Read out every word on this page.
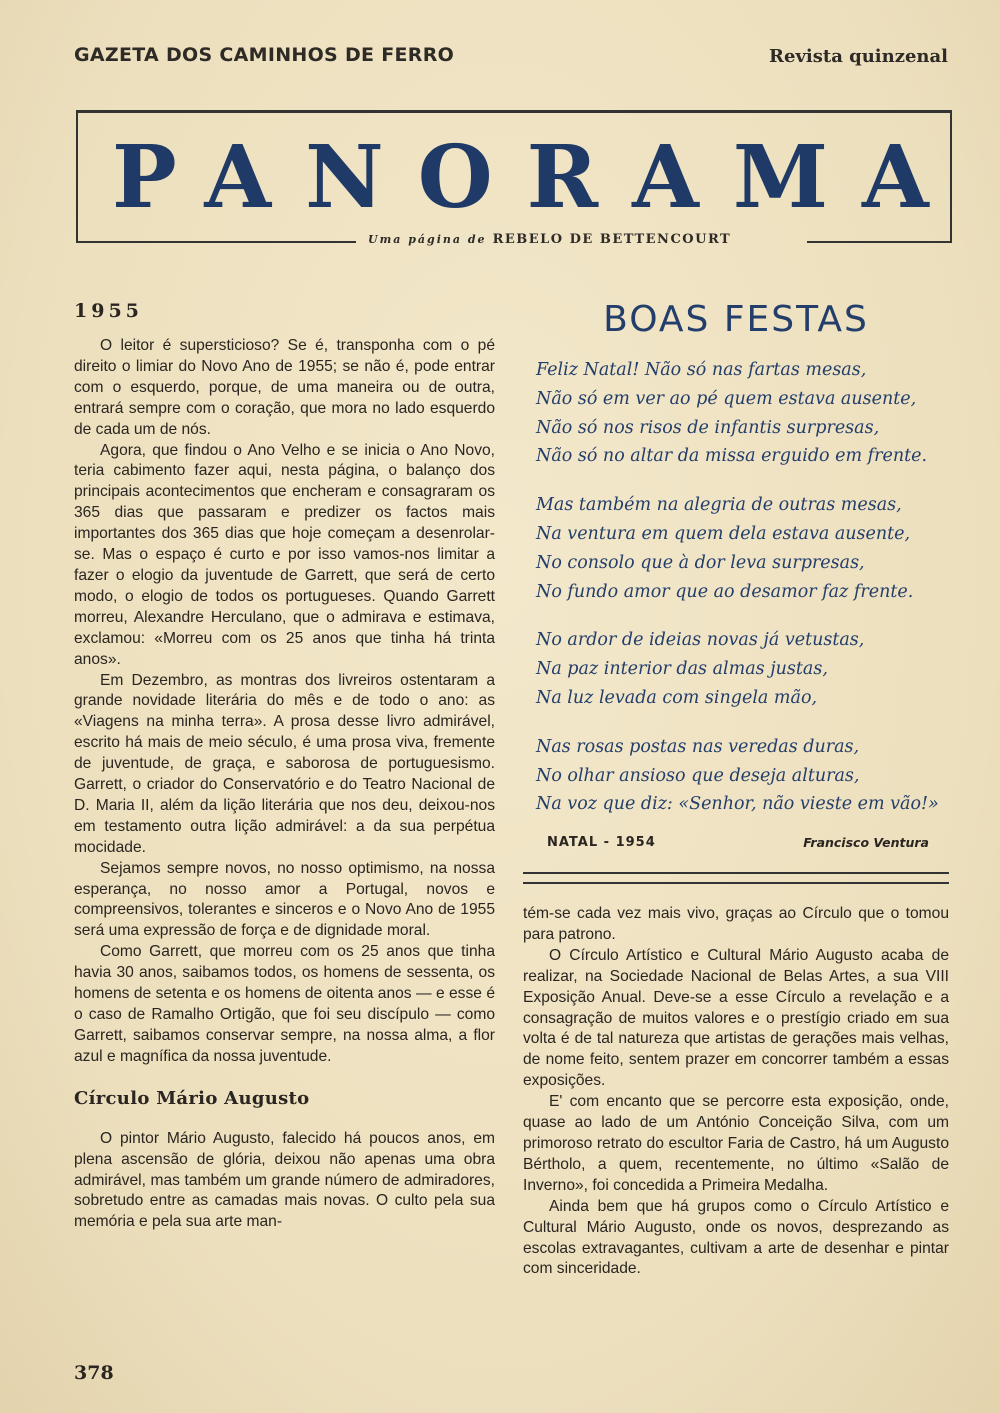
GAZETA DOS CAMINHOS DE FERRO	Revista quinzenal
PANORAMA
Uma página de REBELO DE BETTENCOURT
1955

O leitor é supersticioso? Se é, transponha com o pé direito o limiar do Novo Ano de 1955; se não é, pode entrar com o esquerdo, porque, de uma maneira ou de outra, entrará sempre com o coração, que mora no lado esquerdo de cada um de nós.

Agora, que findou o Ano Velho e se inicia o Ano Novo, teria cabimento fazer aqui, nesta página, o balanço dos principais acontecimentos que encheram e consagraram os 365 dias que passaram e predizer os factos mais importantes dos 365 dias que hoje começam a desenrolar-se. Mas o espaço é curto e por isso vamos-nos limitar a fazer o elogio da juventude de Garrett, que será de certo modo, o elogio de todos os portugueses. Quando Garrett morreu, Alexandre Herculano, que o admirava e estimava, exclamou: «Morreu com os 25 anos que tinha há trinta anos».

Em Dezembro, as montras dos livreiros ostentaram a grande novidade literária do mês e de todo o ano: as «Viagens na minha terra». A prosa desse livro admirável, escrito há mais de meio século, é uma prosa viva, fremente de juventude, de graça, e saborosa de portuguesismo. Garrett, o criador do Conservatório e do Teatro Nacional de D. Maria II, além da lição literária que nos deu, deixou-nos em testamento outra lição admirável: a da sua perpétua mocidade.

Sejamos sempre novos, no nosso optimismo, na nossa esperança, no nosso amor a Portugal, novos e compreensivos, tolerantes e sinceros e o Novo Ano de 1955 será uma expressão de força e de dignidade moral.

Como Garrett, que morreu com os 25 anos que tinha havia 30 anos, saibamos todos, os homens de sessenta, os homens de setenta e os homens de oitenta anos — e esse é o caso de Ramalho Ortigão, que foi seu discípulo — como Garrett, saibamos conservar sempre, na nossa alma, a flor azul e magnífica da nossa juventude.

Círculo Mário Augusto

O pintor Mário Augusto, falecido há poucos anos, em plena ascensão de glória, deixou não apenas uma obra admirável, mas também um grande número de admiradores, sobretudo entre as camadas mais novas. O culto pela sua memória e pela sua arte man-

BOAS FESTAS
Feliz Natal! Não só nas fartas mesas,
Não só em ver ao pé quem estava ausente,
Não só nos risos de infantis surpresas,
Não só no altar da missa erguido em frente.
Mas também na alegria de outras mesas,
Na ventura em quem dela estava ausente,
No consolo que à dor leva surpresas,
No fundo amor que ao desamor faz frente.
No ardor de ideias novas já vetustas,
Na paz interior das almas justas,
Na luz levada com singela mão,
Nas rosas postas nas veredas duras,
No olhar ansioso que deseja alturas,
Na voz que diz: «Senhor, não vieste em vão!»
NATAL - 1954	Francisco Ventura

tém-se cada vez mais vivo, graças ao Círculo que o tomou para patrono.

O Círculo Artístico e Cultural Mário Augusto acaba de realizar, na Sociedade Nacional de Belas Artes, a sua VIII Exposição Anual. Deve-se a esse Círculo a revelação e a consagração de muitos valores e o prestígio criado em sua volta é de tal natureza que artistas de gerações mais velhas, de nome feito, sentem prazer em concorrer também a essas exposições.

E' com encanto que se percorre esta exposição, onde, quase ao lado de um António Conceição Silva, com um primoroso retrato do escultor Faria de Castro, há um Augusto Bértholo, a quem, recentemente, no último «Salão de Inverno», foi concedida a Primeira Medalha.

Ainda bem que há grupos como o Círculo Artístico e Cultural Mário Augusto, onde os novos, desprezando as escolas extravagantes, cultivam a arte de desenhar e pintar com sinceridade.

378
